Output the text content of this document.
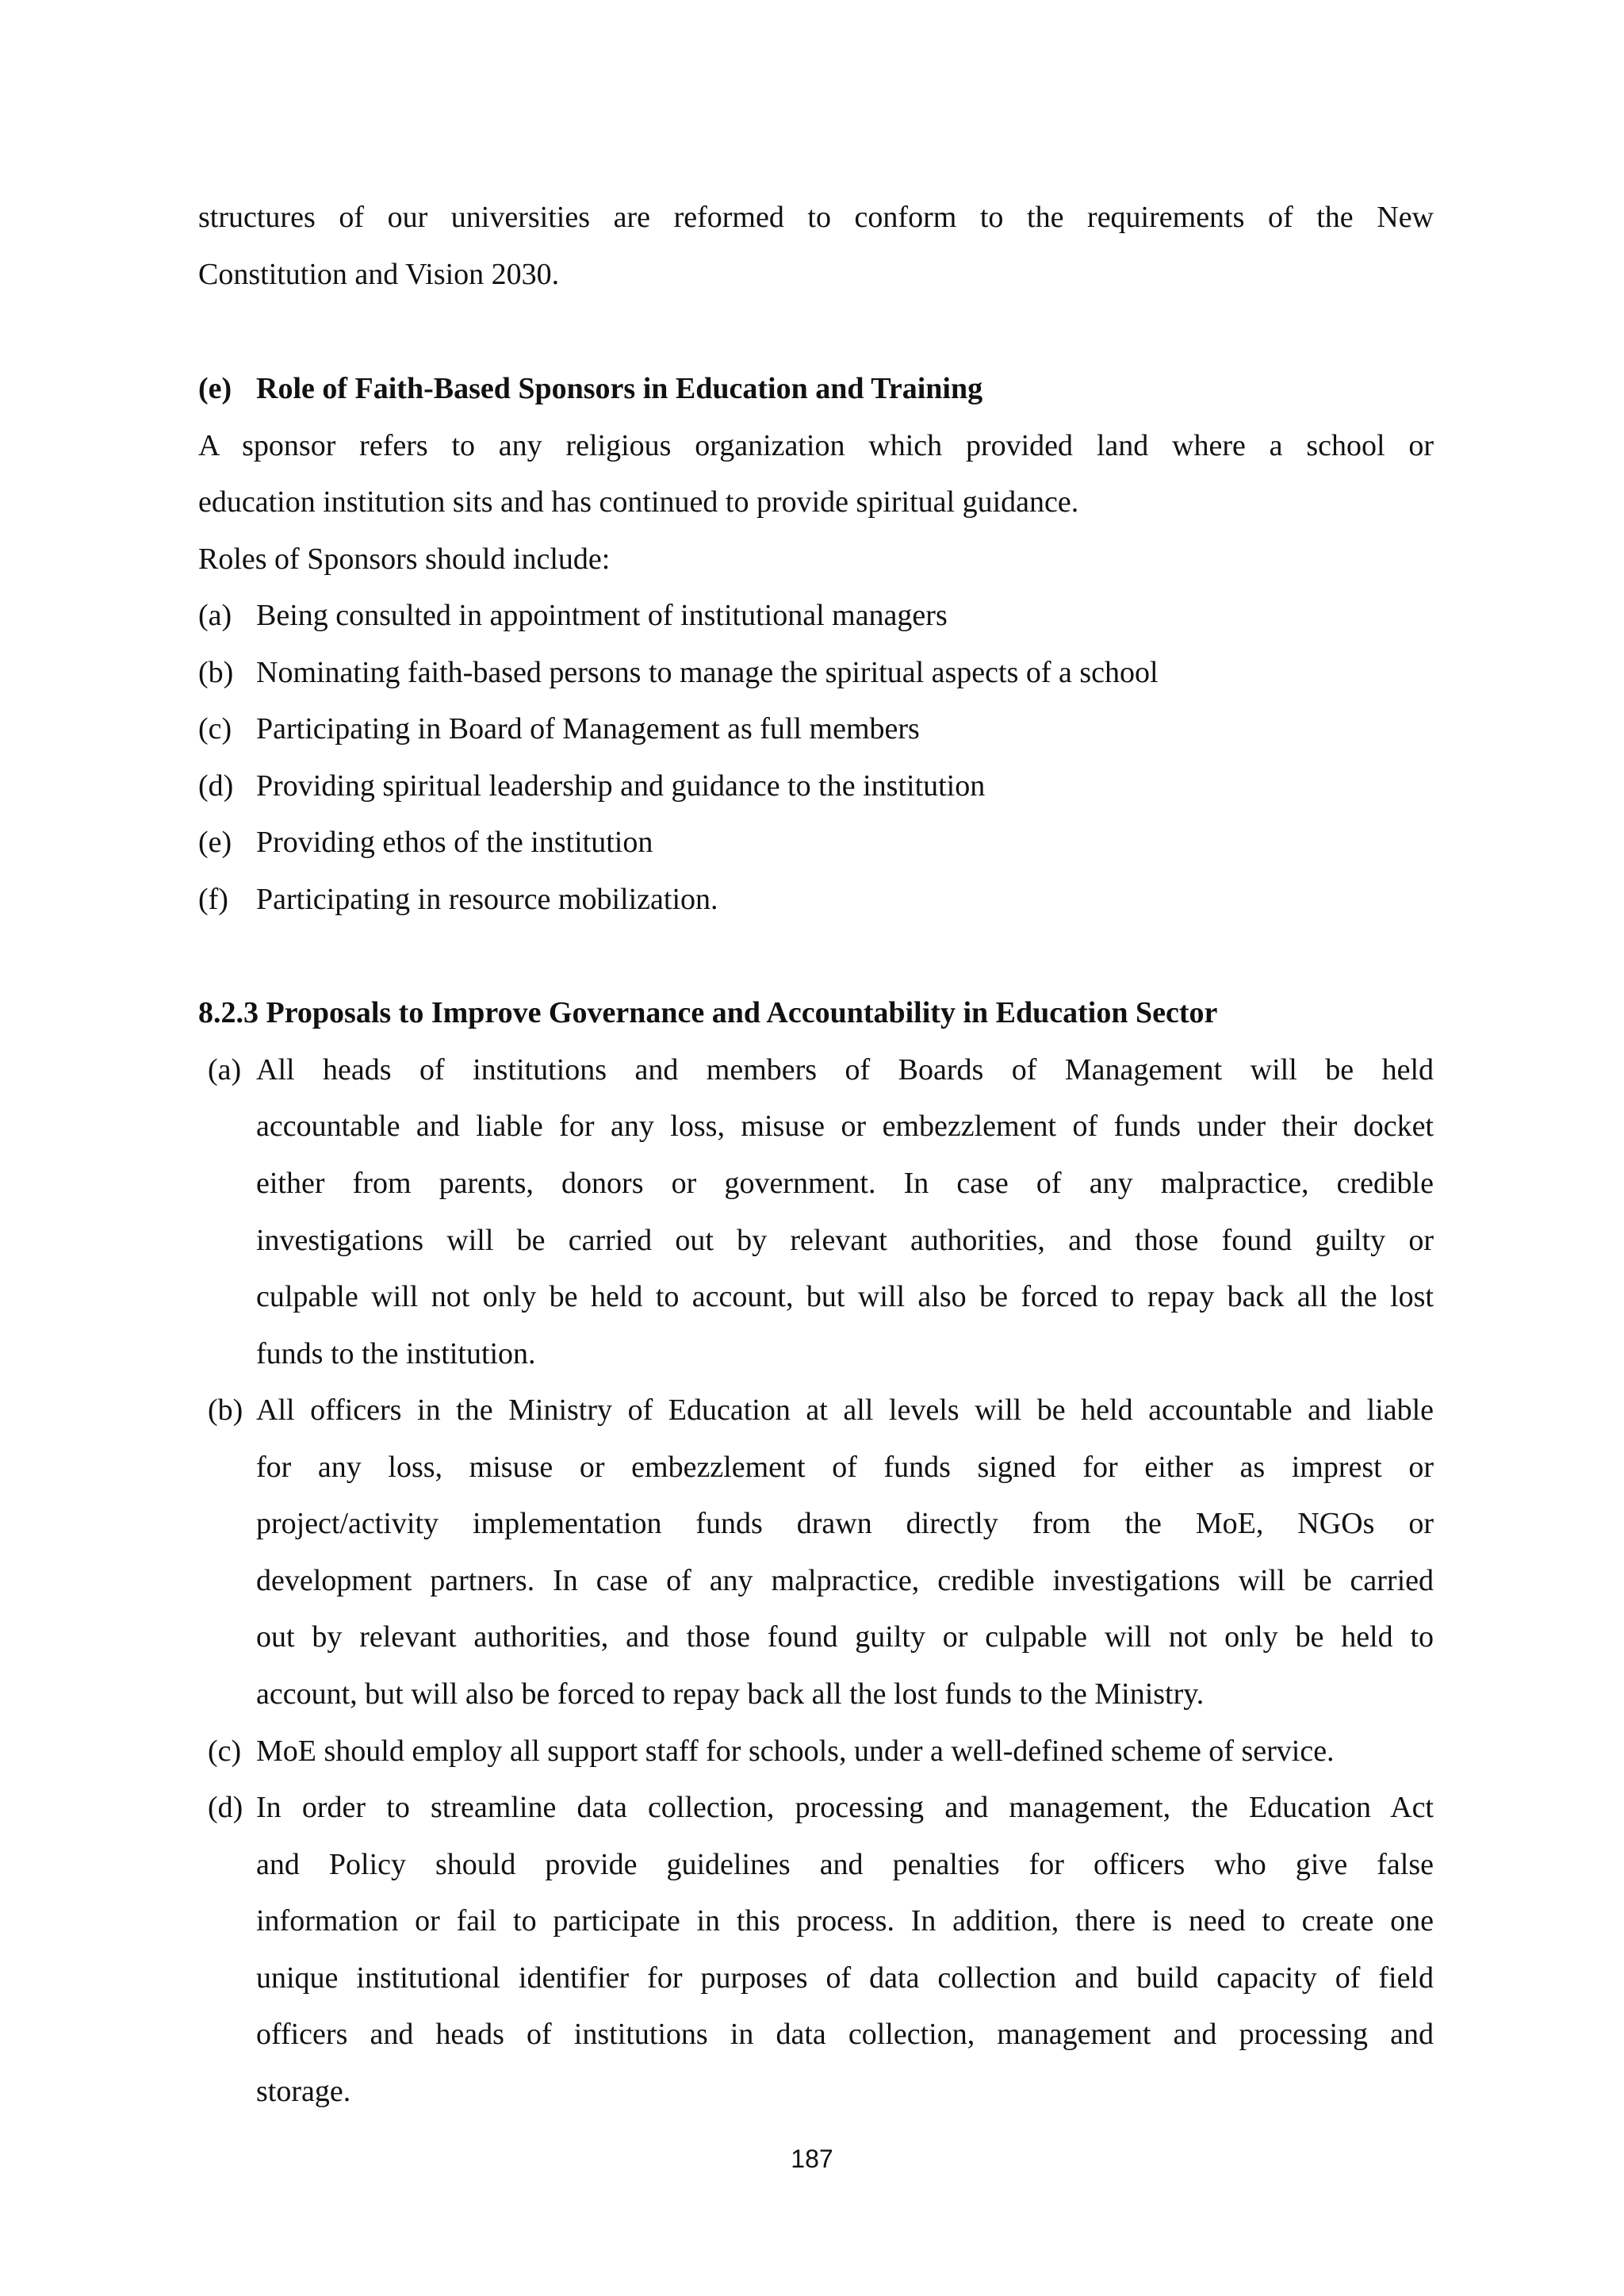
structures of our universities are reformed to conform to the requirements of the New
Constitution and Vision 2030.
(e) Role of Faith-Based Sponsors in Education and Training
A sponsor refers to any religious organization which provided land where a school or
education institution sits and has continued to provide spiritual guidance.
Roles of Sponsors should include:
(a) Being consulted in appointment of institutional managers
(b) Nominating faith-based persons to manage the spiritual aspects of a school
(c) Participating in Board of Management as full members
(d) Providing spiritual leadership and guidance to the institution
(e) Providing ethos of the institution
(f) Participating in resource mobilization.
8.2.3 Proposals to Improve Governance and Accountability in Education Sector
(a) All heads of institutions and members of Boards of Management will be held
accountable and liable for any loss, misuse or embezzlement of funds under their docket
either from parents, donors or government. In case of any malpractice, credible
investigations will be carried out by relevant authorities, and those found guilty or
culpable will not only be held to account, but will also be forced to repay back all the lost
funds to the institution.
(b) All officers in the Ministry of Education at all levels will be held accountable and liable
for any loss, misuse or embezzlement of funds signed for either as imprest or
project/activity implementation funds drawn directly from the MoE, NGOs or
development partners. In case of any malpractice, credible investigations will be carried
out by relevant authorities, and those found guilty or culpable will not only be held to
account, but will also be forced to repay back all the lost funds to the Ministry.
(c) MoE should employ all support staff for schools, under a well-defined scheme of service.
(d) In order to streamline data collection, processing and management, the Education Act
and Policy should provide guidelines and penalties for officers who give false
information or fail to participate in this process. In addition, there is need to create one
unique institutional identifier for purposes of data collection and build capacity of field
officers and heads of institutions in data collection, management and processing and
storage.
187
